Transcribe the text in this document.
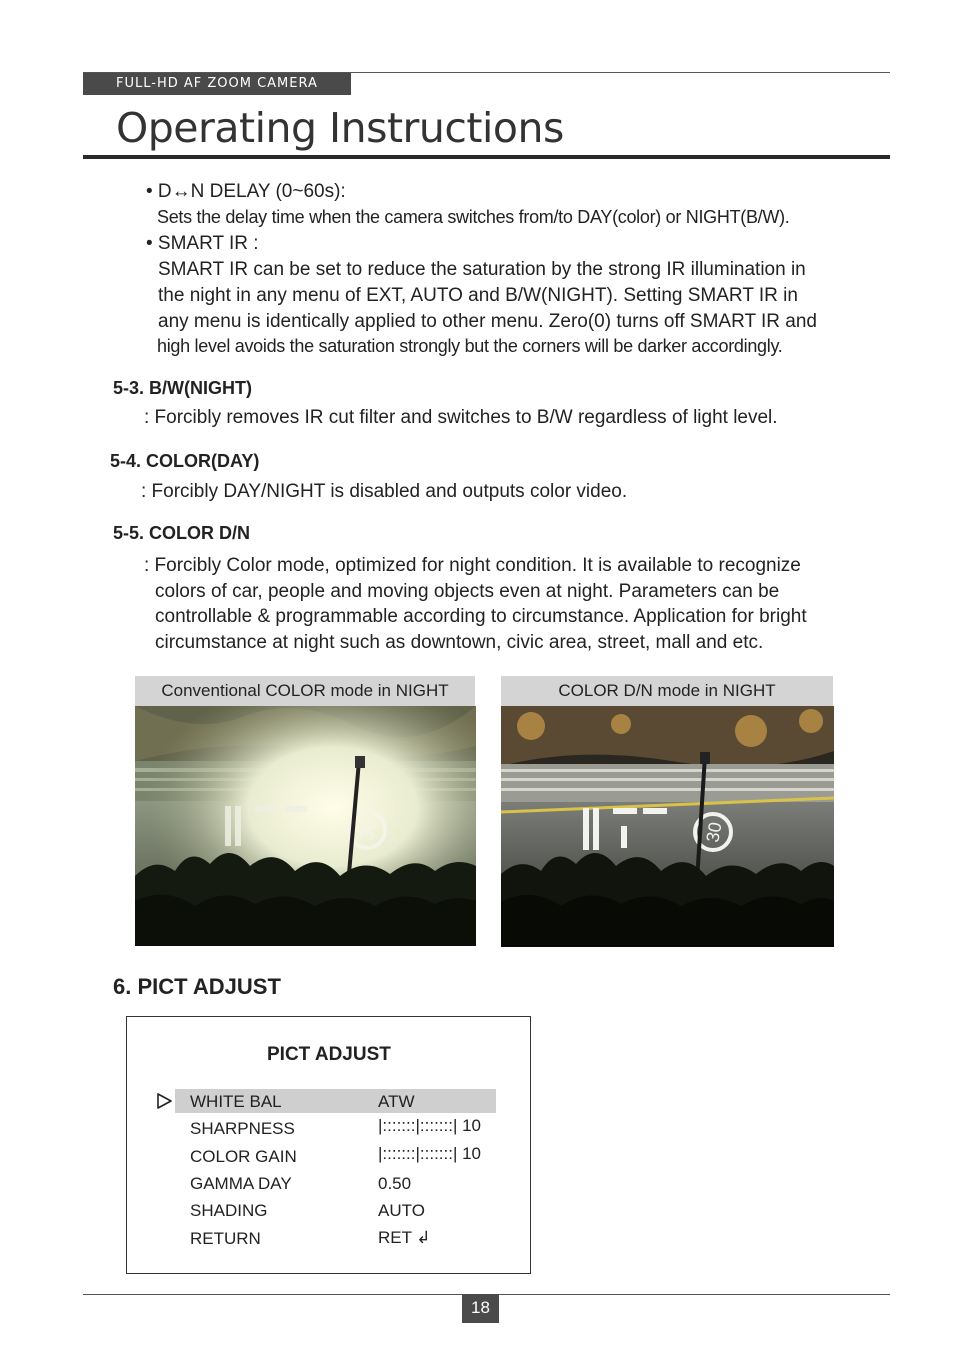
FULL-HD AF ZOOM CAMERA
Operating Instructions
• D↔N DELAY (0~60s):
Sets the delay time when the camera switches from/to DAY(color) or NIGHT(B/W).
• SMART IR :
SMART IR can be set to reduce the saturation by the strong IR illumination in
the night in any menu of EXT, AUTO and B/W(NIGHT). Setting SMART IR in
any menu is identically applied to other menu. Zero(0) turns off SMART IR and
high level avoids the saturation strongly but the corners will be darker accordingly.
5-3. B/W(NIGHT)
: Forcibly removes IR cut filter and switches to B/W regardless of light level.
5-4. COLOR(DAY)
: Forcibly DAY/NIGHT is disabled and outputs color video.
5-5. COLOR D/N
: Forcibly Color mode, optimized for night condition. It is available to recognize
colors of car, people and moving objects even at night. Parameters can be
controllable & programmable according to circumstance. Application for bright
circumstance at night such as downtown, civic area, street, mall and etc.
Conventional COLOR mode in NIGHT
30
COLOR D/N mode in NIGHT
30
6. PICT ADJUST
PICT ADJUST
WHITE BAL	ATW
SHARPNESS	|:::::::|:::::::| 10
COLOR GAIN	|:::::::|:::::::| 10
GAMMA DAY	0.50
SHADING	AUTO
RETURN	RET ↲
18
